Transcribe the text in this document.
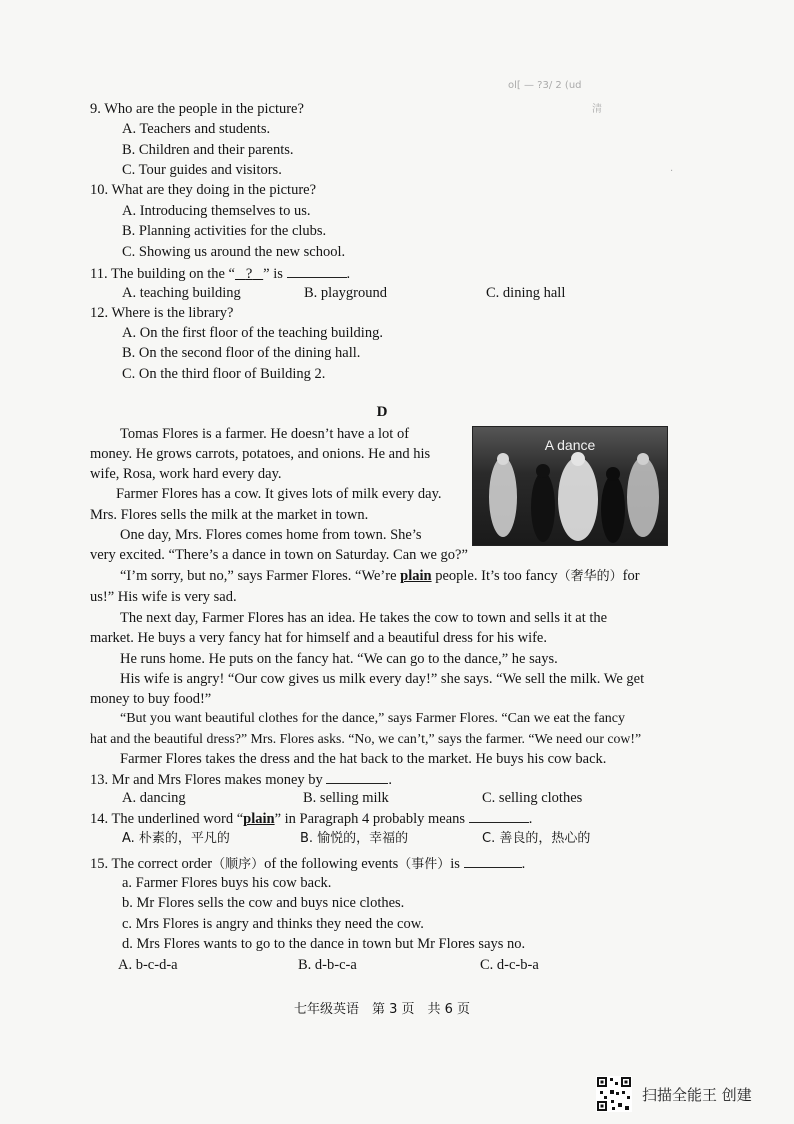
ol[ — ?3/ 2 (ud
清
·
9. Who are the people in the picture?
A. Teachers and students.
B. Children and their parents.
C. Tour guides and visitors.
10. What are they doing in the picture?
A. Introducing themselves to us.
B. Planning activities for the clubs.
C. Showing us around the new school.
11. The building on the “ ? ” is	.
A. teaching building	B. playground	C. dining hall
12. Where is the library?
A. On the first floor of the teaching building.
B. On the second floor of the dining hall.
C. On the third floor of Building 2.
D
A dance
Tomas Flores is a farmer. He doesn’t have a lot of
money. He grows carrots, potatoes, and onions. He and his
wife, Rosa, work hard every day.
Farmer Flores has a cow. It gives lots of milk every day.
Mrs. Flores sells the milk at the market in town.
One day, Mrs. Flores comes home from town. She’s
very excited. “There’s a dance in town on Saturday. Can we go?”
“I’m sorry, but no,” says Farmer Flores. “We’re plain people. It’s too fancy（奢华的）for
us!” His wife is very sad.
The next day, Farmer Flores has an idea. He takes the cow to town and sells it at the
market. He buys a very fancy hat for himself and a beautiful dress for his wife.
He runs home. He puts on the fancy hat. “We can go to the dance,” he says.
His wife is angry! “Our cow gives us milk every day!” she says. “We sell the milk. We get
money to buy food!”
“But you want beautiful clothes for the dance,” says Farmer Flores. “Can we eat the fancy
hat and the beautiful dress?” Mrs. Flores asks. “No, we can’t,” says the farmer. “We need our cow!”
Farmer Flores takes the dress and the hat back to the market. He buys his cow back.
13. Mr and Mrs Flores makes money by	.
A. dancing	B. selling milk	C. selling clothes
14. The underlined word “plain” in Paragraph 4 probably means	.
A. 朴素的，平凡的	B. 愉悦的，幸福的	C. 善良的，热心的
15. The correct order（顺序）of the following events（事件）is	.
a. Farmer Flores buys his cow back.
b. Mr Flores sells the cow and buys nice clothes.
c. Mrs Flores is angry and thinks they need the cow.
d. Mrs Flores wants to go to the dance in town but Mr Flores says no.
A. b-c-d-a	B. d-b-c-a	C. d-c-b-a
七年级英语　第 3 页　共 6 页
扫描全能王 创建
